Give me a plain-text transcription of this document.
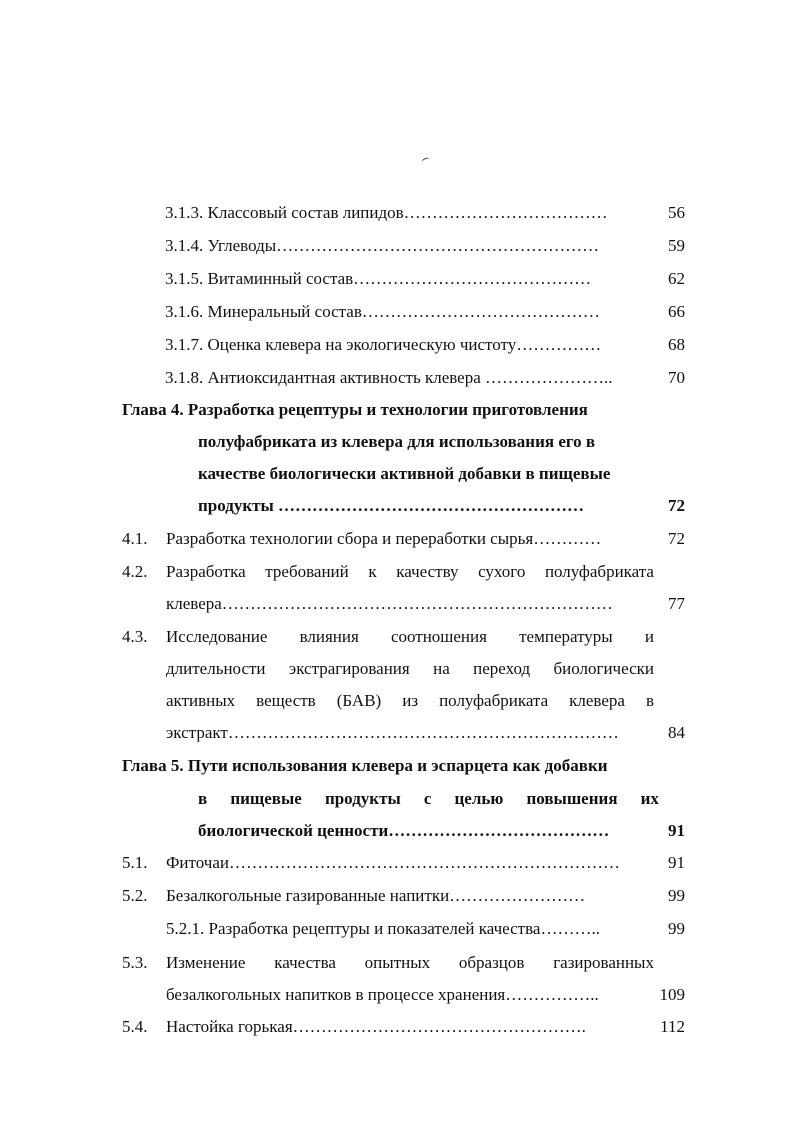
3.1.3. Классовый состав липидов………………………………	56
3.1.4. Углеводы…………………………………………………	59
3.1.5. Витаминный состав……………………………………	62
3.1.6. Минеральный состав……………………………………	66
3.1.7. Оценка клевера на экологическую чистоту……………	68
3.1.8. Антиоксидантная активность клевера …………………..	70
Глава 4. Разработка рецептуры и технологии приготовления
полуфабриката из клевера для использования его в
качестве биологически активной добавки в пищевые
продукты ………………………………………………	72
4.1. Разработка технологии сбора и переработки сырья…………	72
4.2. Разработка требований к качеству сухого полуфабриката
клевера……………………………………………………………	77
4.3. Исследование влияния соотношения температуры и
длительности экстрагирования на переход биологически
активных веществ (БАВ) из полуфабриката клевера в
экстракт……………………………………………………………	84
Глава 5. Пути использования клевера и эспарцета как добавки
в пищевые продукты с целью повышения их
биологической ценности…………………………………	91
5.1. Фиточаи……………………………………………………………	91
5.2. Безалкогольные газированные напитки……………………	99
5.2.1. Разработка рецептуры и показателей качества………..	99
5.3. Изменение качества опытных образцов газированных
безалкогольных напитков в процессе хранения……………..	109
5.4. Настойка горькая…………………………………………….	112
